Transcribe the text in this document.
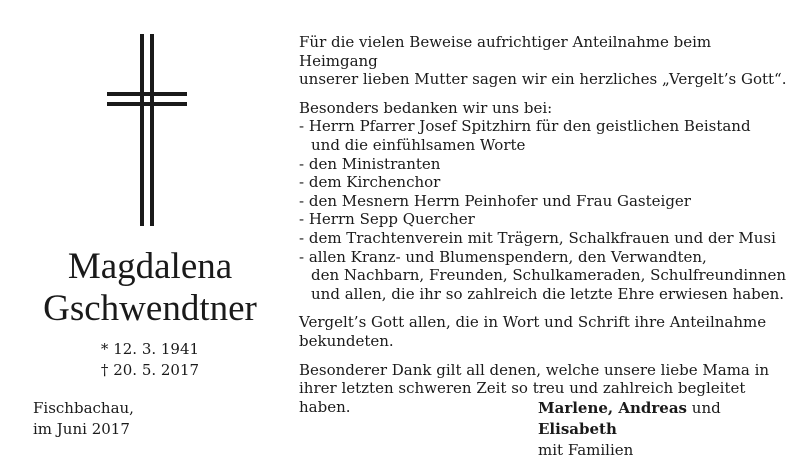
Magdalena
Gschwendtner
* 12. 3. 1941
† 20. 5. 2017
Fischbachau,
im Juni 2017

Für die vielen Beweise aufrichtiger Anteilnahme beim Heimgang
unserer lieben Mutter sagen wir ein herzliches „Vergelt’s Gott“.

Besonders bedanken wir uns bei:

- Herrn Pfarrer Josef Spitzhirn für den geistlichen Beistand
und die einfühlsamen Worte
- den Ministranten
- dem Kirchenchor
- den Mesnern Herrn Peinhofer und Frau Gasteiger
- Herrn Sepp Quercher
- dem Trachtenverein mit Trägern, Schalkfrauen und der Musi
- allen Kranz- und Blumenspendern, den Verwandten,
den Nachbarn, Freunden, Schulkameraden, Schulfreundinnen
und allen, die ihr so zahlreich die letzte Ehre erwiesen haben.

Vergelt’s Gott allen, die in Wort und Schrift ihre Anteilnahme
bekundeten.

Besonderer Dank gilt all denen, welche unsere liebe Mama in
ihrer letzten schweren Zeit so treu und zahlreich begleitet haben.	Marlene, Andreas und Elisabeth
mit Familien
